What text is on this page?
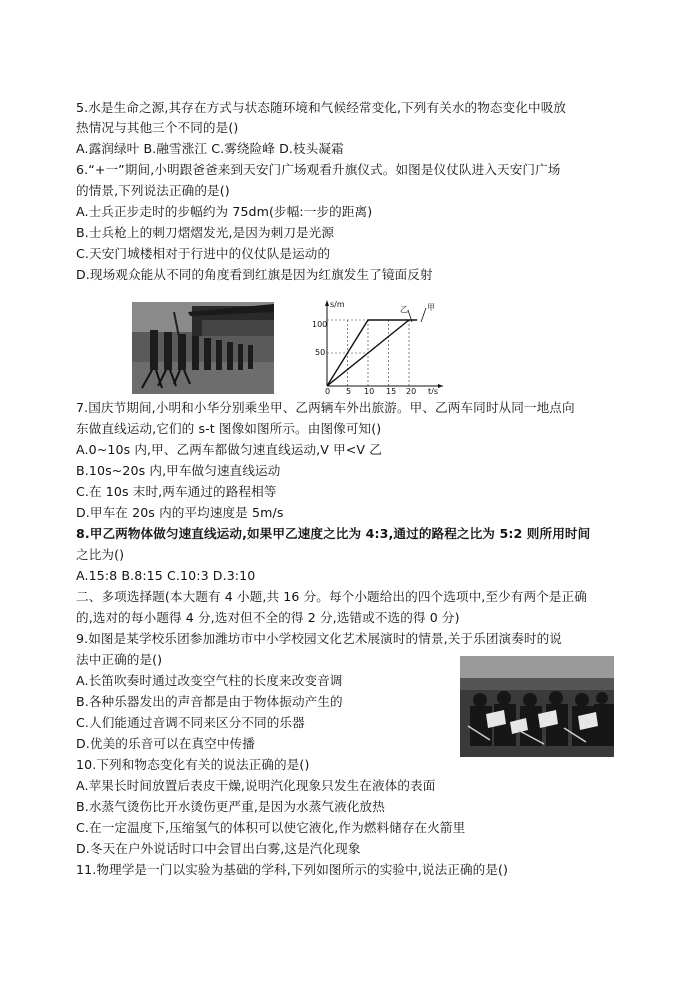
5.水是生命之源,其存在方式与状态随环境和气候经常变化,下列有关水的物态变化中吸放
热情况与其他三个不同的是()
A.露润绿叶 B.融雪涨江 C.雾绕险峰 D.枝头凝霜
6.“+一”期间,小明跟爸爸来到天安门广场观看升旗仪式。如图是仪仗队进入天安门广场
的情景,下列说法正确的是()
A.士兵正步走时的步幅约为 75dm(步幅:一步的距离)
B.士兵枪上的刺刀熠熠发光,是因为刺刀是光源
C.天安门城楼相对于行进中的仪仗队是运动的
D.现场观众能从不同的角度看到红旗是因为红旗发生了镜面反射
s/m
t/s
100
50
0 5 10 15 20
乙 甲
7.国庆节期间,小明和小华分别乘坐甲、乙两辆车外出旅游。甲、乙两车同时从同一地点向
东做直线运动,它们的 s-t 图像如图所示。由图像可知()
A.0~10s 内,甲、乙两车都做匀速直线运动,V 甲<V 乙
B.10s~20s 内,甲车做匀速直线运动
C.在 10s 末时,两车通过的路程相等
D.甲车在 20s 内的平均速度是 5m/s
8.甲乙两物体做匀速直线运动,如果甲乙速度之比为 4:3,通过的路程之比为 5:2 则所用时间
之比为()
A.15:8 B.8:15 C.10:3 D.3:10
二、多项选择题(本大题有 4 小题,共 16 分。每个小题给出的四个选项中,至少有两个是正确
的,选对的每小题得 4 分,选对但不全的得 2 分,选错或不选的得 0 分)
9.如图是某学校乐团参加潍坊市中小学校园文化艺术展演时的情景,关于乐团演奏时的说
法中正确的是()
A.长笛吹奏时通过改变空气柱的长度来改变音调
B.各种乐器发出的声音都是由于物体振动产生的
C.人们能通过音调不同来区分不同的乐器
D.优美的乐音可以在真空中传播
10.下列和物态变化有关的说法正确的是()
A.苹果长时间放置后表皮干燥,说明汽化现象只发生在液体的表面
B.水蒸气烫伤比开水烫伤更严重,是因为水蒸气液化放热
C.在一定温度下,压缩氢气的体积可以使它液化,作为燃料储存在火箭里
D.冬天在户外说话时口中会冒出白雾,这是汽化现象
11.物理学是一门以实验为基础的学科,下列如图所示的实验中,说法正确的是()
